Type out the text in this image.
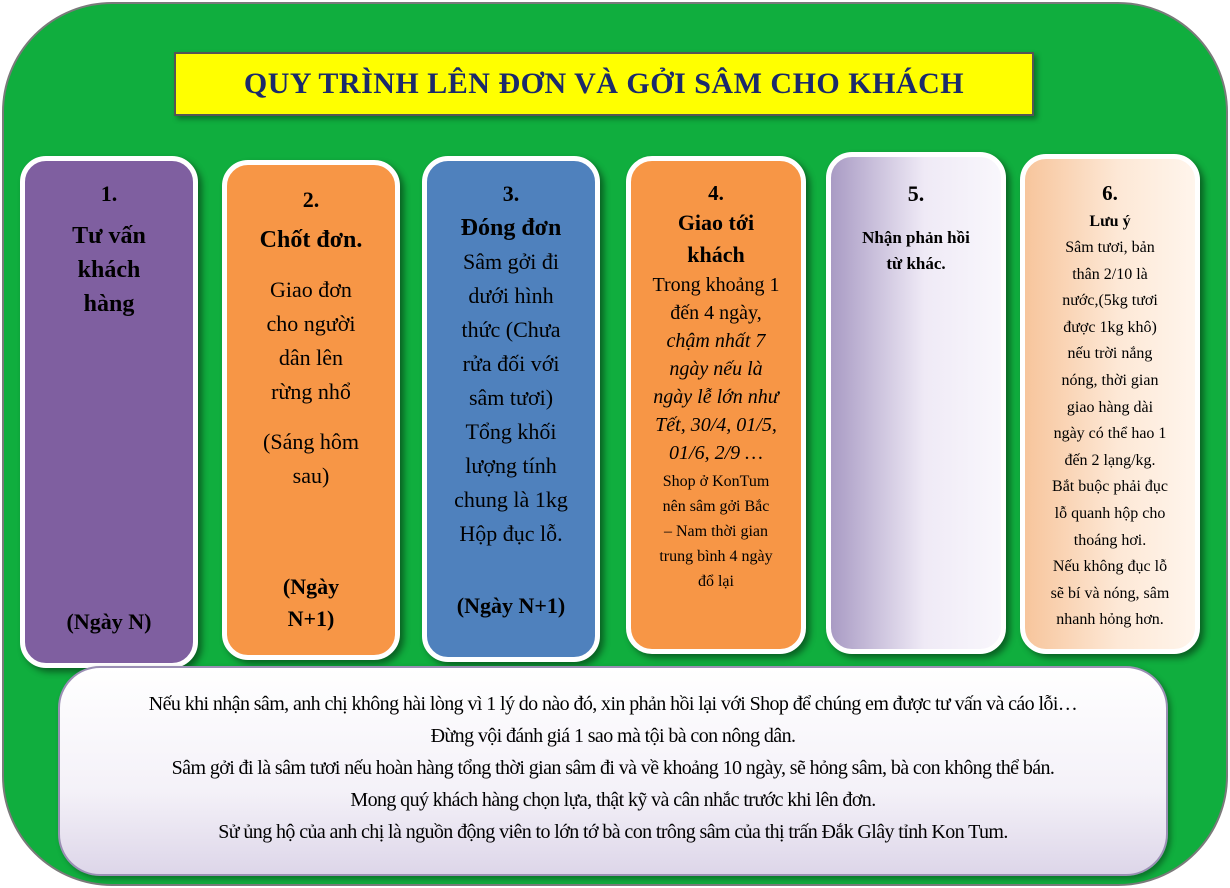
QUY TRÌNH LÊN ĐƠN VÀ GỞI SÂM CHO KHÁCH
1.
Tư vấn
khách
hàng
(Ngày N)
2.
Chốt đơn.
Giao đơn
cho người
dân lên
rừng nhổ
(Sáng hôm
sau)
(Ngày
N+1)
3.
Đóng đơn
Sâm gởi đi
dưới hình
thức (Chưa
rửa đối với
sâm tươi)
Tổng khối
lượng tính
chung là 1kg
Hộp đục lỗ.
(Ngày N+1)
4.
Giao tới
khách
Trong khoảng 1
đến 4 ngày,
chậm nhất 7
ngày nếu là
ngày lễ lớn như
Tết, 30/4, 01/5,
01/6, 2/9 …
Shop ở KonTum
nên sâm gởi Bắc
– Nam thời gian
trung bình 4 ngày
đổ lại
5.
Nhận phản hồi
từ khác.
6.
Lưu ý
Sâm tươi, bản
thân 2/10 là
nước,(5kg tươi
được 1kg khô)
nếu trời nắng
nóng, thời gian
giao hàng dài
ngày có thể hao 1
đến 2 lạng/kg.
Bắt buộc phải đục
lỗ quanh hộp cho
thoáng hơi.
Nếu không đục lỗ
sẽ bí và nóng, sâm
nhanh hỏng hơn.
Nếu khi nhận sâm, anh chị không hài lòng vì 1 lý do nào đó, xin phản hồi lại với Shop để chúng em được tư vấn và cáo lỗi…
Đừng vội đánh giá 1 sao mà tội bà con nông dân.
Sâm gởi đi là sâm tươi nếu hoàn hàng tổng thời gian sâm đi và về khoảng 10 ngày, sẽ hỏng sâm, bà con không thể bán.
Mong quý khách hàng chọn lựa, thật kỹ và cân nhắc trước khi lên đơn.
Sử ủng hộ của anh chị là nguồn động viên to lớn tớ bà con trông sâm của thị trấn Đắk Glây tỉnh Kon Tum.
